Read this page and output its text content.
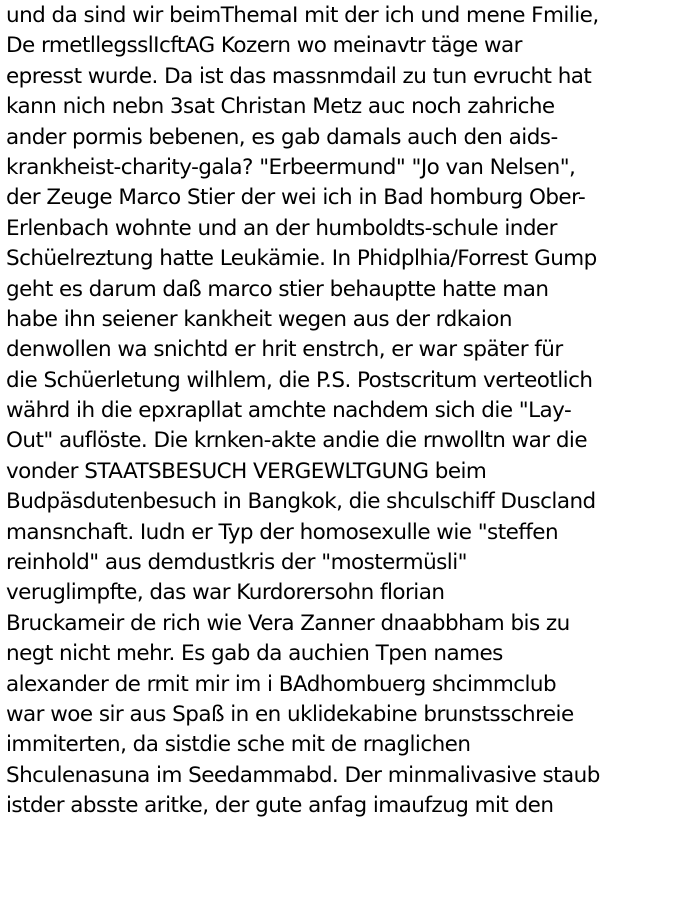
und da sind wir beimThemaI mit der ich und mene Fmilie,
De rmetllegsslIcftAG Kozern wo meinavtr täge war
epresst wurde. Da ist das massnmdail zu tun evrucht hat
kann nich nebn 3sat Christan Metz auc noch zahriche
ander pormis bebenen, es gab damals auch den aids-
krankheist-charity-gala? "Erbeermund" "Jo van Nelsen",
der Zeuge Marco Stier der wei ich in Bad homburg Ober-
Erlenbach wohnte und an der humboldts-schule inder
Schüelreztung hatte Leukämie. In Phidplhia/Forrest Gump
geht es darum daß marco stier behauptte hatte man
habe ihn seiener kankheit wegen aus der rdkaion
denwollen wa snichtd er hrit enstrch, er war später für
die Schüerletung wilhlem, die P.S. Postscritum verteotlich
währd ih die epxrapllat amchte nachdem sich die "Lay-
Out" auflöste. Die krnken-akte andie die rnwolltn war die
vonder STAATSBESUCH VERGEWLTGUNG beim
Budpäsdutenbesuch in Bangkok, die shculschiff Duscland
mansnchaft. Iudn er Typ der homosexulle wie "steffen
reinhold" aus demdustkris der "mostermüsli"
veruglimpfte, das war Kurdorersohn florian
Bruckameir de rich wie Vera Zanner dnaabbham bis zu
negt nicht mehr. Es gab da auchien Tpen names
alexander de rmit mir im i BAdhombuerg shcimmclub
war woe sir aus Spaß in en uklidekabine brunstsschreie
immiterten, da sistdie sche mit de rnaglichen
Shculenasuna im Seedammabd. Der minmalivasive staub
istder absste aritke, der gute anfag imaufzug mit den
